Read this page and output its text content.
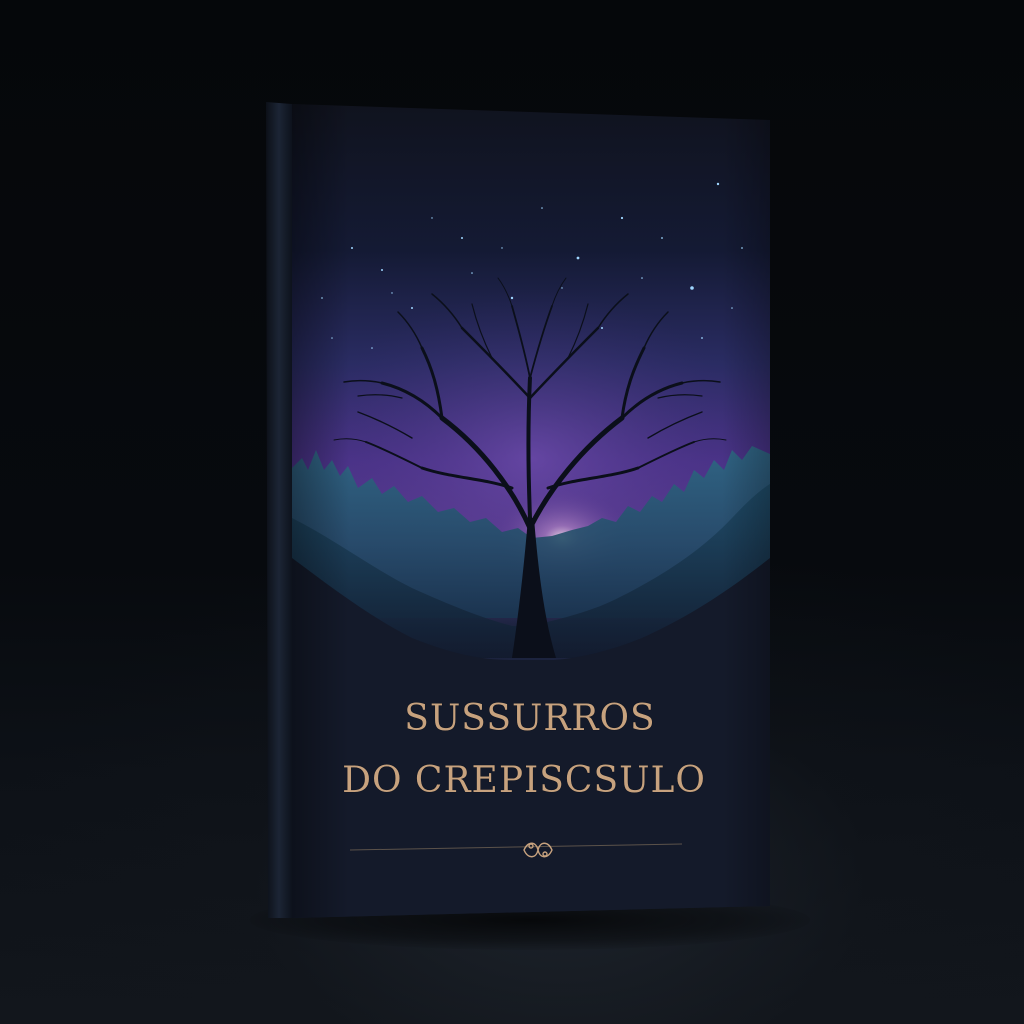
SUSSURROS

DO CREPISCSULO
